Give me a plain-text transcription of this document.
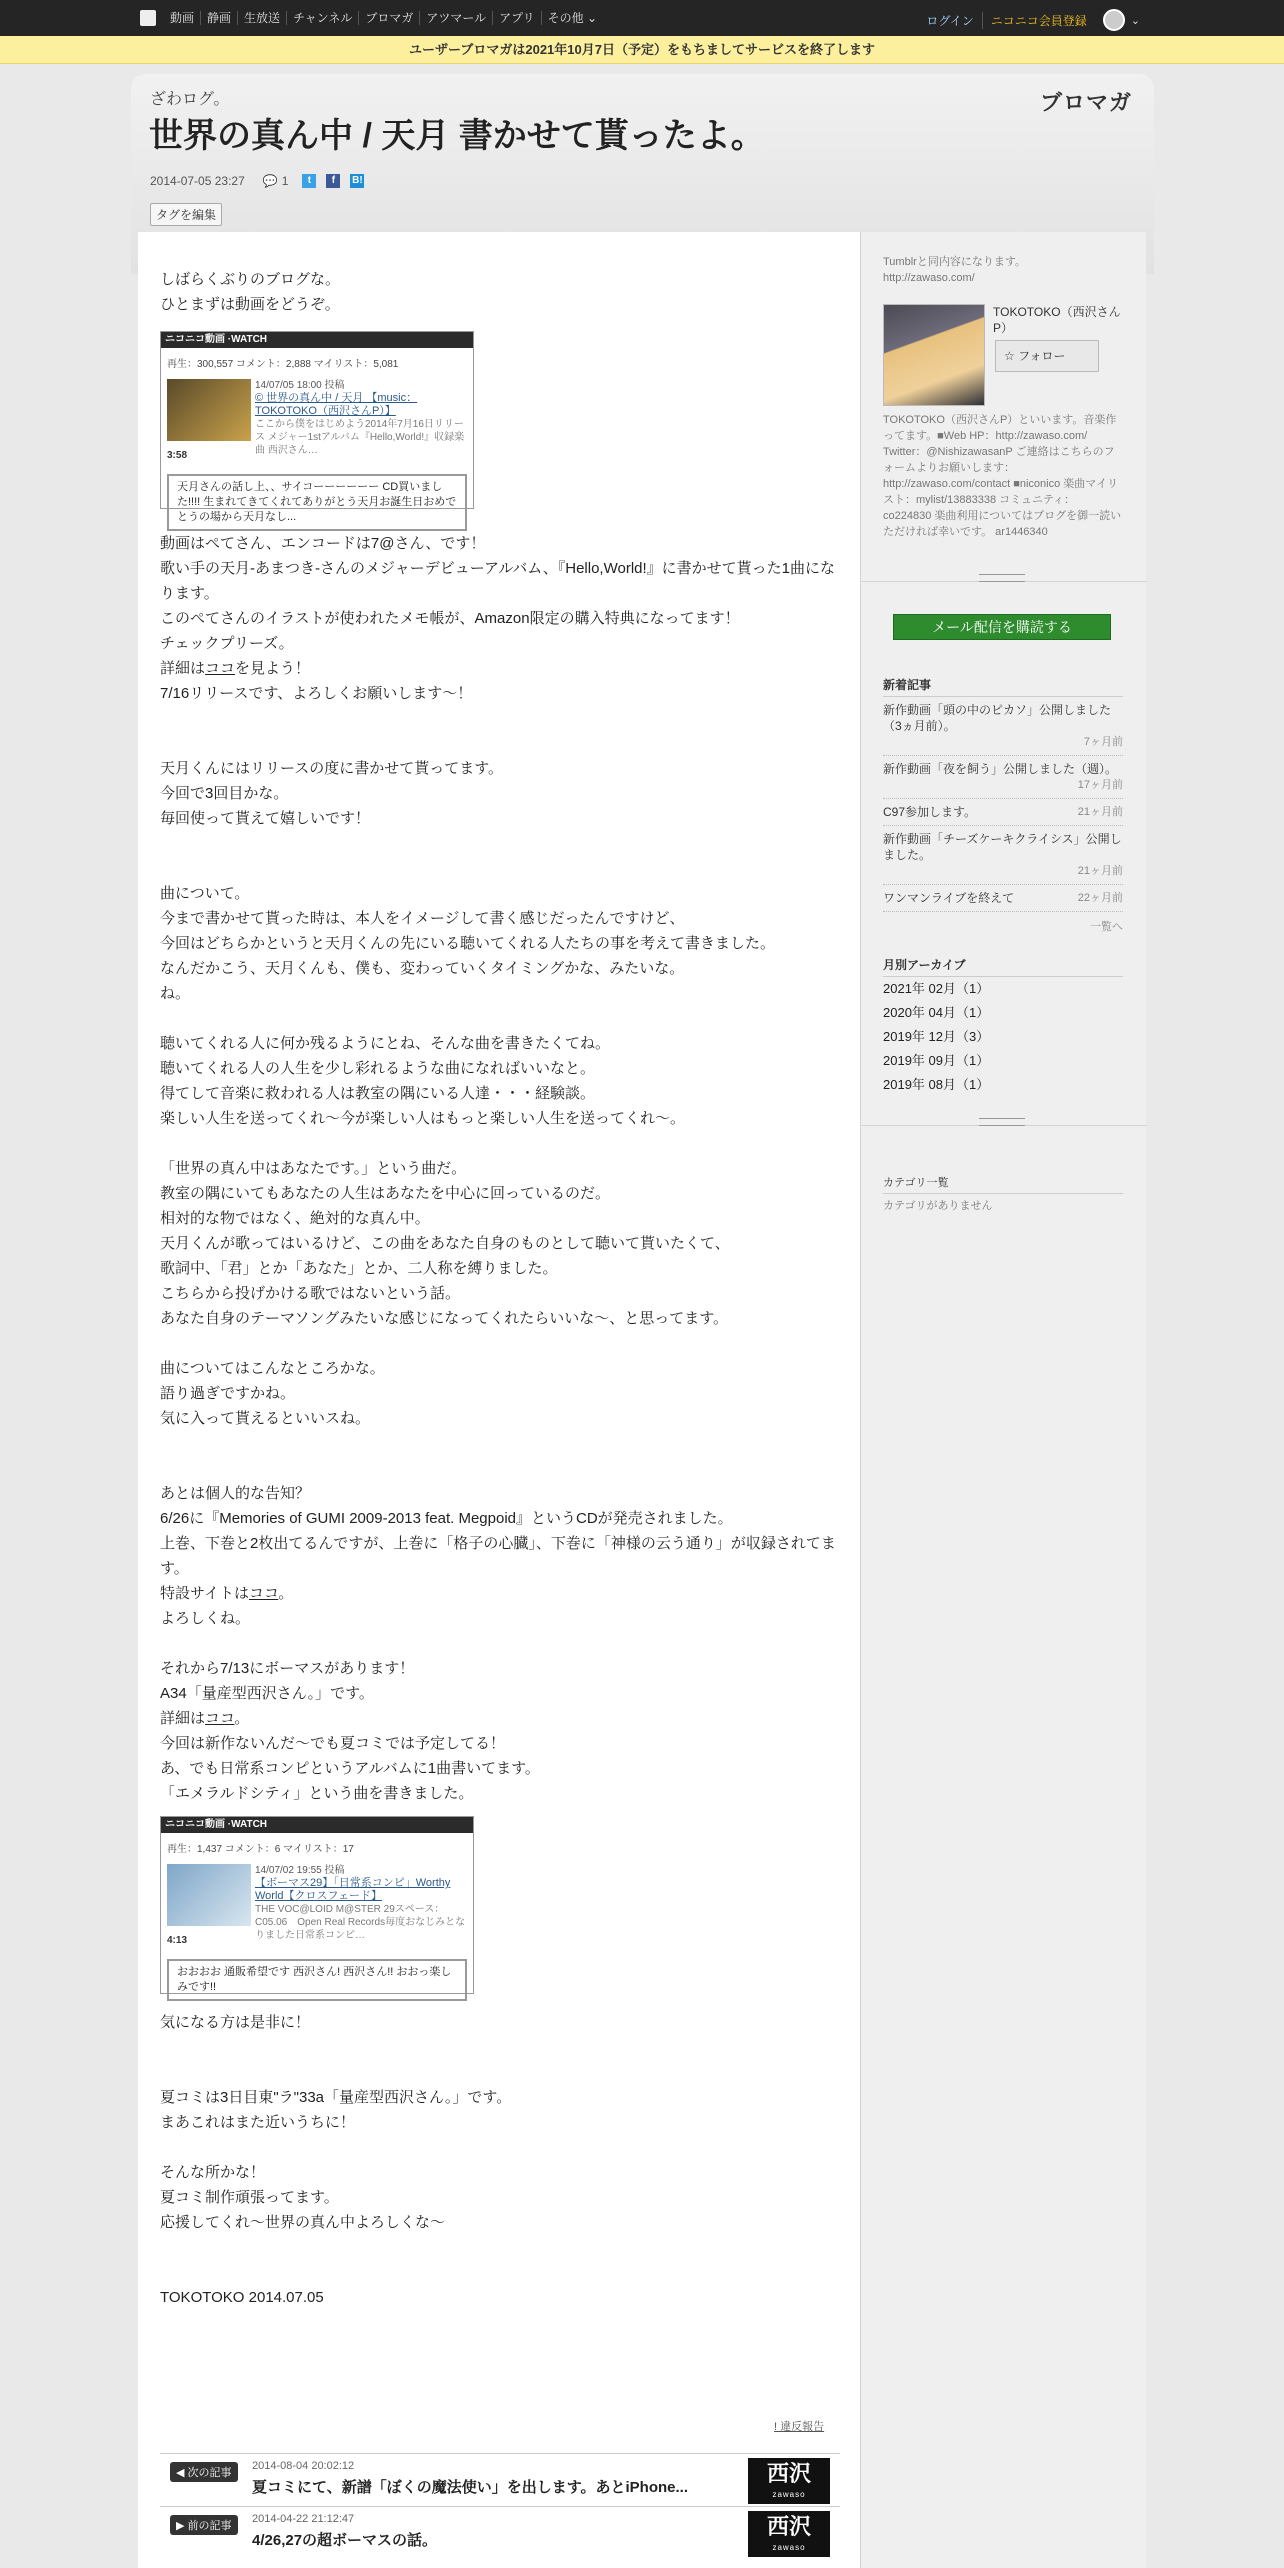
動画	静画	生放送	チャンネル	ブロマガ	アツマール	アプリ	その他 ⌄	ログイン	ニコニコ会員登録	⌄
ユーザーブロマガは2021年10月7日（予定）をもちましてサービスを終了します
ざわログ。
世界の真ん中 / 天月 書かせて貰ったよ。
ブロマガ
2014-07-05 23:27 💬 1	t	f	B!
タグを編集

しばらくぶりのブログな。
ひとまずは動画をどうぞ。

ニコニコ動画 ·WATCH
再生：300,557 コメント：2,888 マイリスト：5,081
3:58
14/07/05 18:00 投稿
© 世界の真ん中 / 天月 【music：TOKOTOKO（西沢さんP）】
ここから僕をはじめよう2014年7月16日リリース メジャー1stアルバム『Hello,World!』収録楽曲 西沢さん…
天月さんの話し上、、サイコーーーーーー CD買いました!!!! 生まれてきてくれてありがとう天月お誕生日おめでとうの場から天月なし...

動画はぺてさん、エンコードは7@さん、です！
歌い手の天月-あまつき-さんのメジャーデビューアルバム、『Hello,World!』に書かせて貰った1曲になります。
このぺてさんのイラストが使われたメモ帳が、Amazon限定の購入特典になってます！
チェックプリーズ。
詳細はココを見よう！
7/16リリースです、よろしくお願いします～！

天月くんにはリリースの度に書かせて貰ってます。
今回で3回目かな。
毎回使って貰えて嬉しいです！

曲について。
今まで書かせて貰った時は、本人をイメージして書く感じだったんですけど、
今回はどちらかというと天月くんの先にいる聴いてくれる人たちの事を考えて書きました。
なんだかこう、天月くんも、僕も、変わっていくタイミングかな、みたいな。
ね。

聴いてくれる人に何か残るようにとね、そんな曲を書きたくてね。
聴いてくれる人の人生を少し彩れるような曲になればいいなと。
得てして音楽に救われる人は教室の隅にいる人達・・・経験談。
楽しい人生を送ってくれ～今が楽しい人はもっと楽しい人生を送ってくれ～。

「世界の真ん中はあなたです。」という曲だ。
教室の隅にいてもあなたの人生はあなたを中心に回っているのだ。
相対的な物ではなく、絶対的な真ん中。
天月くんが歌ってはいるけど、この曲をあなた自身のものとして聴いて貰いたくて、
歌詞中、「君」とか「あなた」とか、二人称を縛りました。
こちらから投げかける歌ではないという話。
あなた自身のテーマソングみたいな感じになってくれたらいいな～、と思ってます。

曲についてはこんなところかな。
語り過ぎですかね。
気に入って貰えるといいスね。

あとは個人的な告知？
6/26に『Memories of GUMI 2009-2013 feat. Megpoid』というCDが発売されました。
上巻、下巻と2枚出てるんですが、上巻に「格子の心臓」、下巻に「神様の云う通り」が収録されてます。
特設サイトはココ。
よろしくね。

それから7/13にボーマスがあります！
A34「量産型西沢さん。」です。
詳細はココ。
今回は新作ないんだ～でも夏コミでは予定してる！
あ、でも日常系コンピというアルバムに1曲書いてます。
「エメラルドシティ」という曲を書きました。

ニコニコ動画 ·WATCH
再生：1,437 コメント：6 マイリスト：17
4:13
14/07/02 19:55 投稿
【ボーマス29】「日常系コンピ」Worthy World【クロスフェード】
THE VOC@LOID M@STER 29スペース：C05.06　Open Real Records毎度おなじみとなりました日常系コンピ…
おおおお 通販希望です 西沢さん! 西沢さん!! おおっ楽しみです!!

気になる方は是非に！

夏コミは3日目東"ラ"33a「量産型西沢さん。」です。
まあこれはまた近いうちに！

そんな所かな！
夏コミ制作頑張ってます。
応援してくれ～世界の真ん中よろしくな～

TOKOTOKO 2014.07.05

! 違反報告
◀ 次の記事
2014-08-04 20:02:12
夏コミにて、新譜「ぼくの魔法使い」を出します。あとiPhone...
西沢
zawaso
▶ 前の記事
2014-04-22 21:12:47
4/26,27の超ボーマスの話。
西沢
zawaso
Tumblrと同内容になります。
http://zawaso.com/
TOKOTOKO（西沢さんP）
☆ フォロー
TOKOTOKO（西沢さんP）といいます。音楽作ってます。■Web HP：http://zawaso.com/ Twitter：@NishizawasanP ご連絡はこちらのフォームよりお願いします：http://zawaso.com/contact ■niconico 楽曲マイリスト：mylist/13883338 コミュニティ：co224830 楽曲利用についてはブログを御一読いただければ幸いです。 ar1446340
メール配信を購読する
新着記事
新作動画「頭の中のピカソ」公開しました（3ヵ月前）。
7ヶ月前
新作動画「夜を飼う」公開しました（週）。
17ヶ月前
C97参加します。	21ヶ月前
新作動画「チーズケーキクライシス」公開しました。
21ヶ月前
ワンマンライブを終えて	22ヶ月前
一覧へ
月別アーカイブ
2021年 02月（1）
2020年 04月（1）
2019年 12月（3）
2019年 09月（1）
2019年 08月（1）
カテゴリ一覧
カテゴリがありません
